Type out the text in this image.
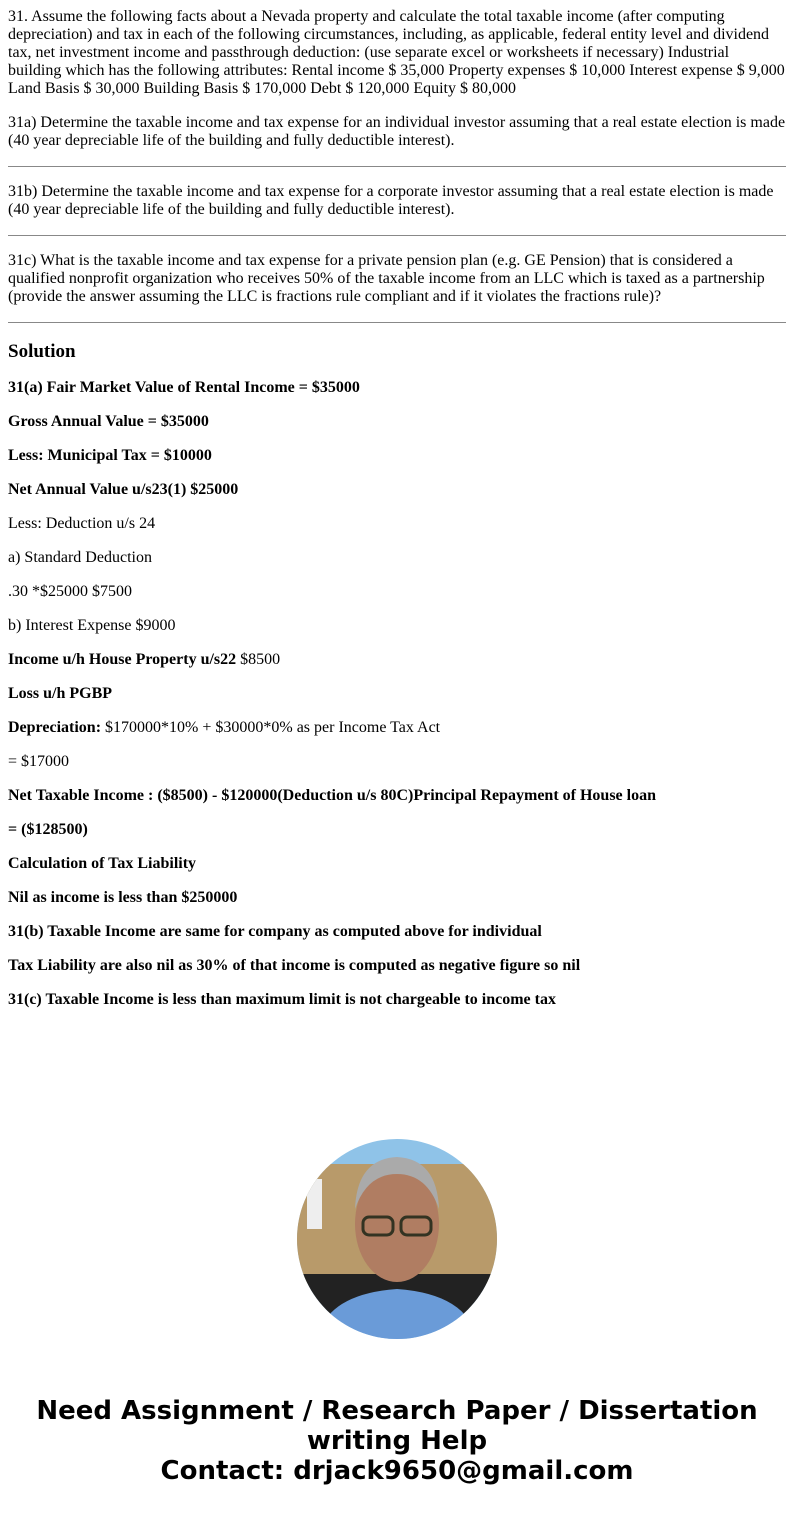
31. Assume the following facts about a Nevada property and calculate the total taxable income (after computing depreciation) and tax in each of the following circumstances, including, as applicable, federal entity level and dividend tax, net investment income and passthrough deduction: (use separate excel or worksheets if necessary) Industrial building which has the following attributes: Rental income $ 35,000 Property expenses $ 10,000 Interest expense $ 9,000 Land Basis $ 30,000 Building Basis $ 170,000 Debt $ 120,000 Equity $ 80,000

31a) Determine the taxable income and tax expense for an individual investor assuming that a real estate election is made (40 year depreciable life of the building and fully deductible interest).

31b) Determine the taxable income and tax expense for a corporate investor assuming that a real estate election is made (40 year depreciable life of the building and fully deductible interest).

31c) What is the taxable income and tax expense for a private pension plan (e.g. GE Pension) that is considered a qualified nonprofit organization who receives 50% of the taxable income from an LLC which is taxed as a partnership (provide the answer assuming the LLC is fractions rule compliant and if it violates the fractions rule)?

Solution

31(a) Fair Market Value of Rental Income = $35000

Gross Annual Value = $35000

Less: Municipal Tax = $10000

Net Annual Value u/s23(1) $25000

Less: Deduction u/s 24

a) Standard Deduction

.30 *$25000 $7500

b) Interest Expense $9000

Income u/h House Property u/s22 $8500

Loss u/h PGBP

Depreciation: $170000*10% + $30000*0% as per Income Tax Act

= $17000

Net Taxable Income : ($8500) - $120000(Deduction u/s 80C)Principal Repayment of House loan

= ($128500)

Calculation of Tax Liability

Nil as income is less than $250000

31(b) Taxable Income are same for company as computed above for individual

Tax Liability are also nil as 30% of that income is computed as negative figure so nil

31(c) Taxable Income is less than maximum limit is not chargeable to income tax

Need Assignment / Research Paper / Dissertation writing Help
Contact: drjack9650@gmail.com
